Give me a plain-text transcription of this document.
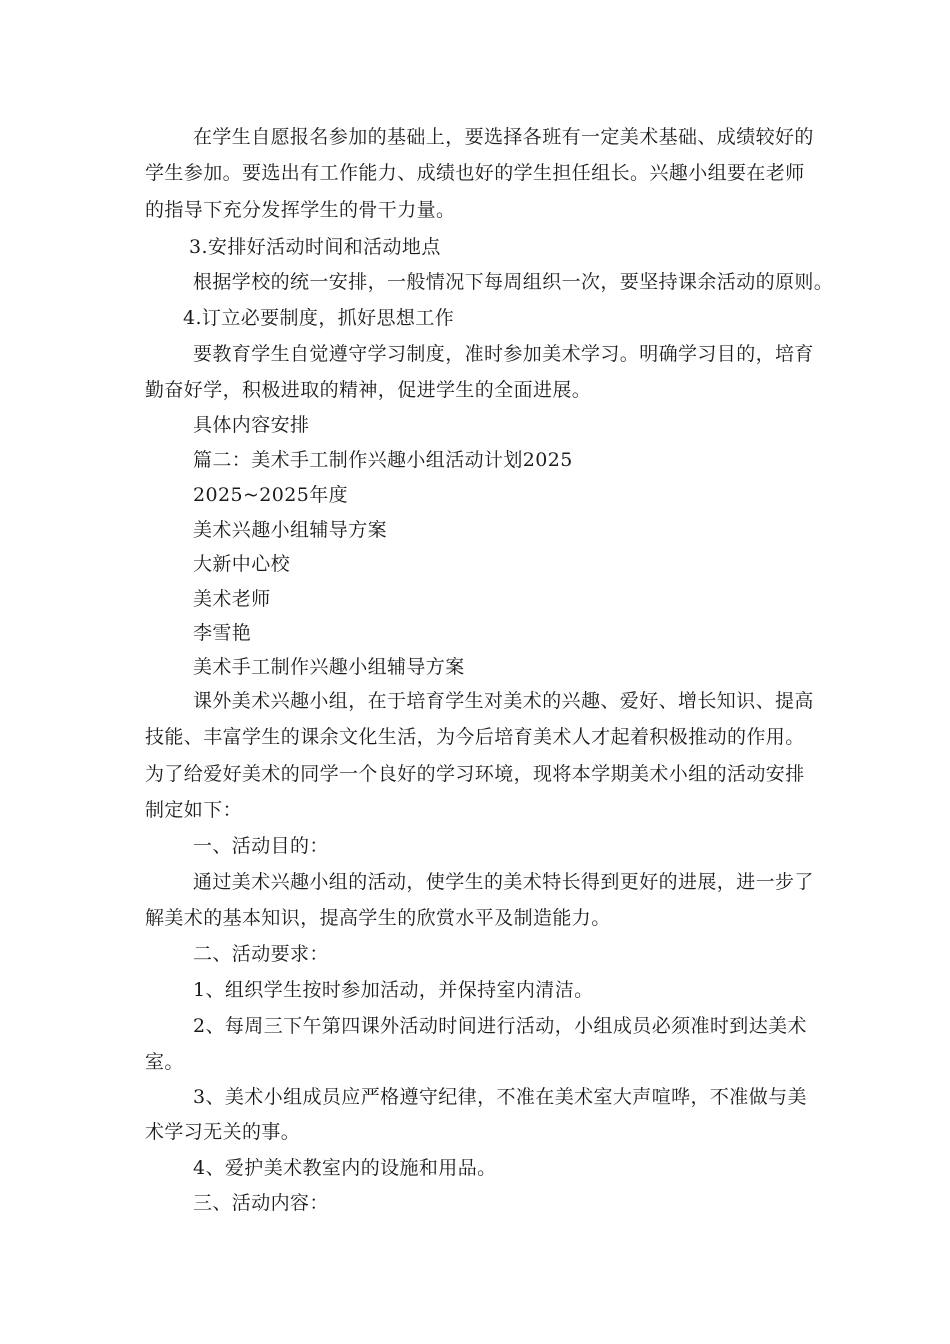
在学生自愿报名参加的基础上，要选择各班有一定美术基础、成绩较好的
学生参加。要选出有工作能力、成绩也好的学生担任组长。兴趣小组要在老师
的指导下充分发挥学生的骨干力量。
3.安排好活动时间和活动地点
根据学校的统一安排，一般情况下每周组织一次，要坚持课余活动的原则。
4.订立必要制度，抓好思想工作
要教育学生自觉遵守学习制度，准时参加美术学习。明确学习目的，培育
勤奋好学，积极进取的精神，促进学生的全面进展。
具体内容安排
篇二：美术手工制作兴趣小组活动计划2025
2025~2025年度
美术兴趣小组辅导方案
大新中心校
美术老师
李雪艳
美术手工制作兴趣小组辅导方案
课外美术兴趣小组，在于培育学生对美术的兴趣、爱好、增长知识、提高
技能、丰富学生的课余文化生活，为今后培育美术人才起着积极推动的作用。
为了给爱好美术的同学一个良好的学习环境，现将本学期美术小组的活动安排
制定如下：
一、活动目的：
通过美术兴趣小组的活动，使学生的美术特长得到更好的进展，进一步了
解美术的基本知识，提高学生的欣赏水平及制造能力。
二、活动要求：
1、组织学生按时参加活动，并保持室内清洁。
2、每周三下午第四课外活动时间进行活动，小组成员必须准时到达美术
室。
3、美术小组成员应严格遵守纪律，不准在美术室大声喧哗，不准做与美
术学习无关的事。
4、爱护美术教室内的设施和用品。
三、活动内容：
